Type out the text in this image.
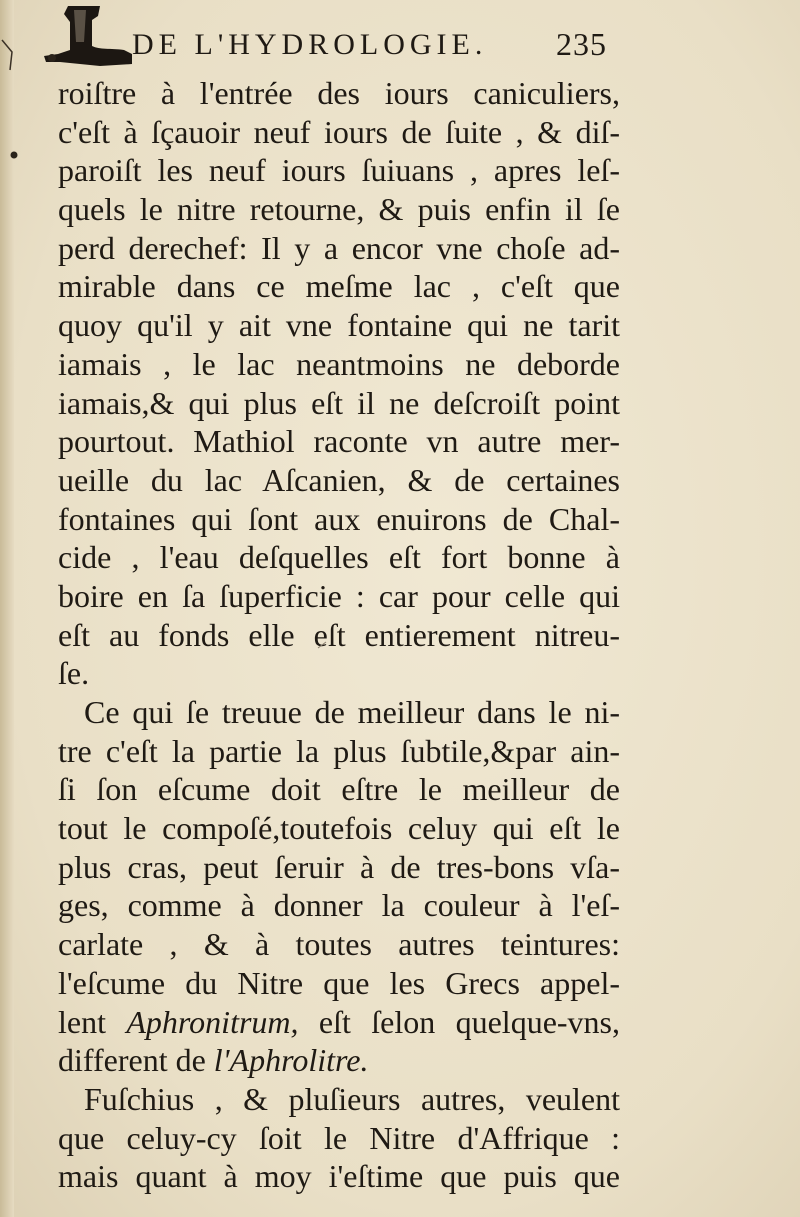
DE L'HYDROLOGIE.	235
roiſtre à l'entrée des iours caniculiers,
c'eſt à ſçauoir neuf iours de ſuite , & diſ-
paroiſt les neuf iours ſuiuans , apres leſ-
quels le nitre retourne, & puis enfin il ſe
perd derechef: Il y a encor vne choſe ad-
mirable dans ce meſme lac , c'eſt que
quoy qu'il y ait vne fontaine qui ne tarit
iamais , le lac neantmoins ne deborde
iamais,& qui plus eſt il ne deſcroiſt point
pourtout. Mathiol raconte vn autre mer-
ueille du lac Aſcanien, & de certaines
fontaines qui ſont aux enuirons de Chal-
cide , l'eau deſquelles eſt fort bonne à
boire en ſa ſuperficie : car pour celle qui
eſt au fonds elle eſt entierement nitreu-
ſe.
Ce qui ſe treuue de meilleur dans le ni-
tre c'eſt la partie la plus ſubtile,&par ain-
ſi ſon eſcume doit eſtre le meilleur de
tout le compoſé,toutefois celuy qui eſt le
plus cras, peut ſeruir à de tres-bons vſa-
ges, comme à donner la couleur à l'eſ-
carlate , & à toutes autres teintures:
l'eſcume du Nitre que les Grecs appel-
lent Aphronitrum, eſt ſelon quelque-vns,
different de l'Aphrolitre.
Fuſchius , & pluſieurs autres, veulent
que celuy-cy ſoit le Nitre d'Affrique :
mais quant à moy i'eſtime que puis que
